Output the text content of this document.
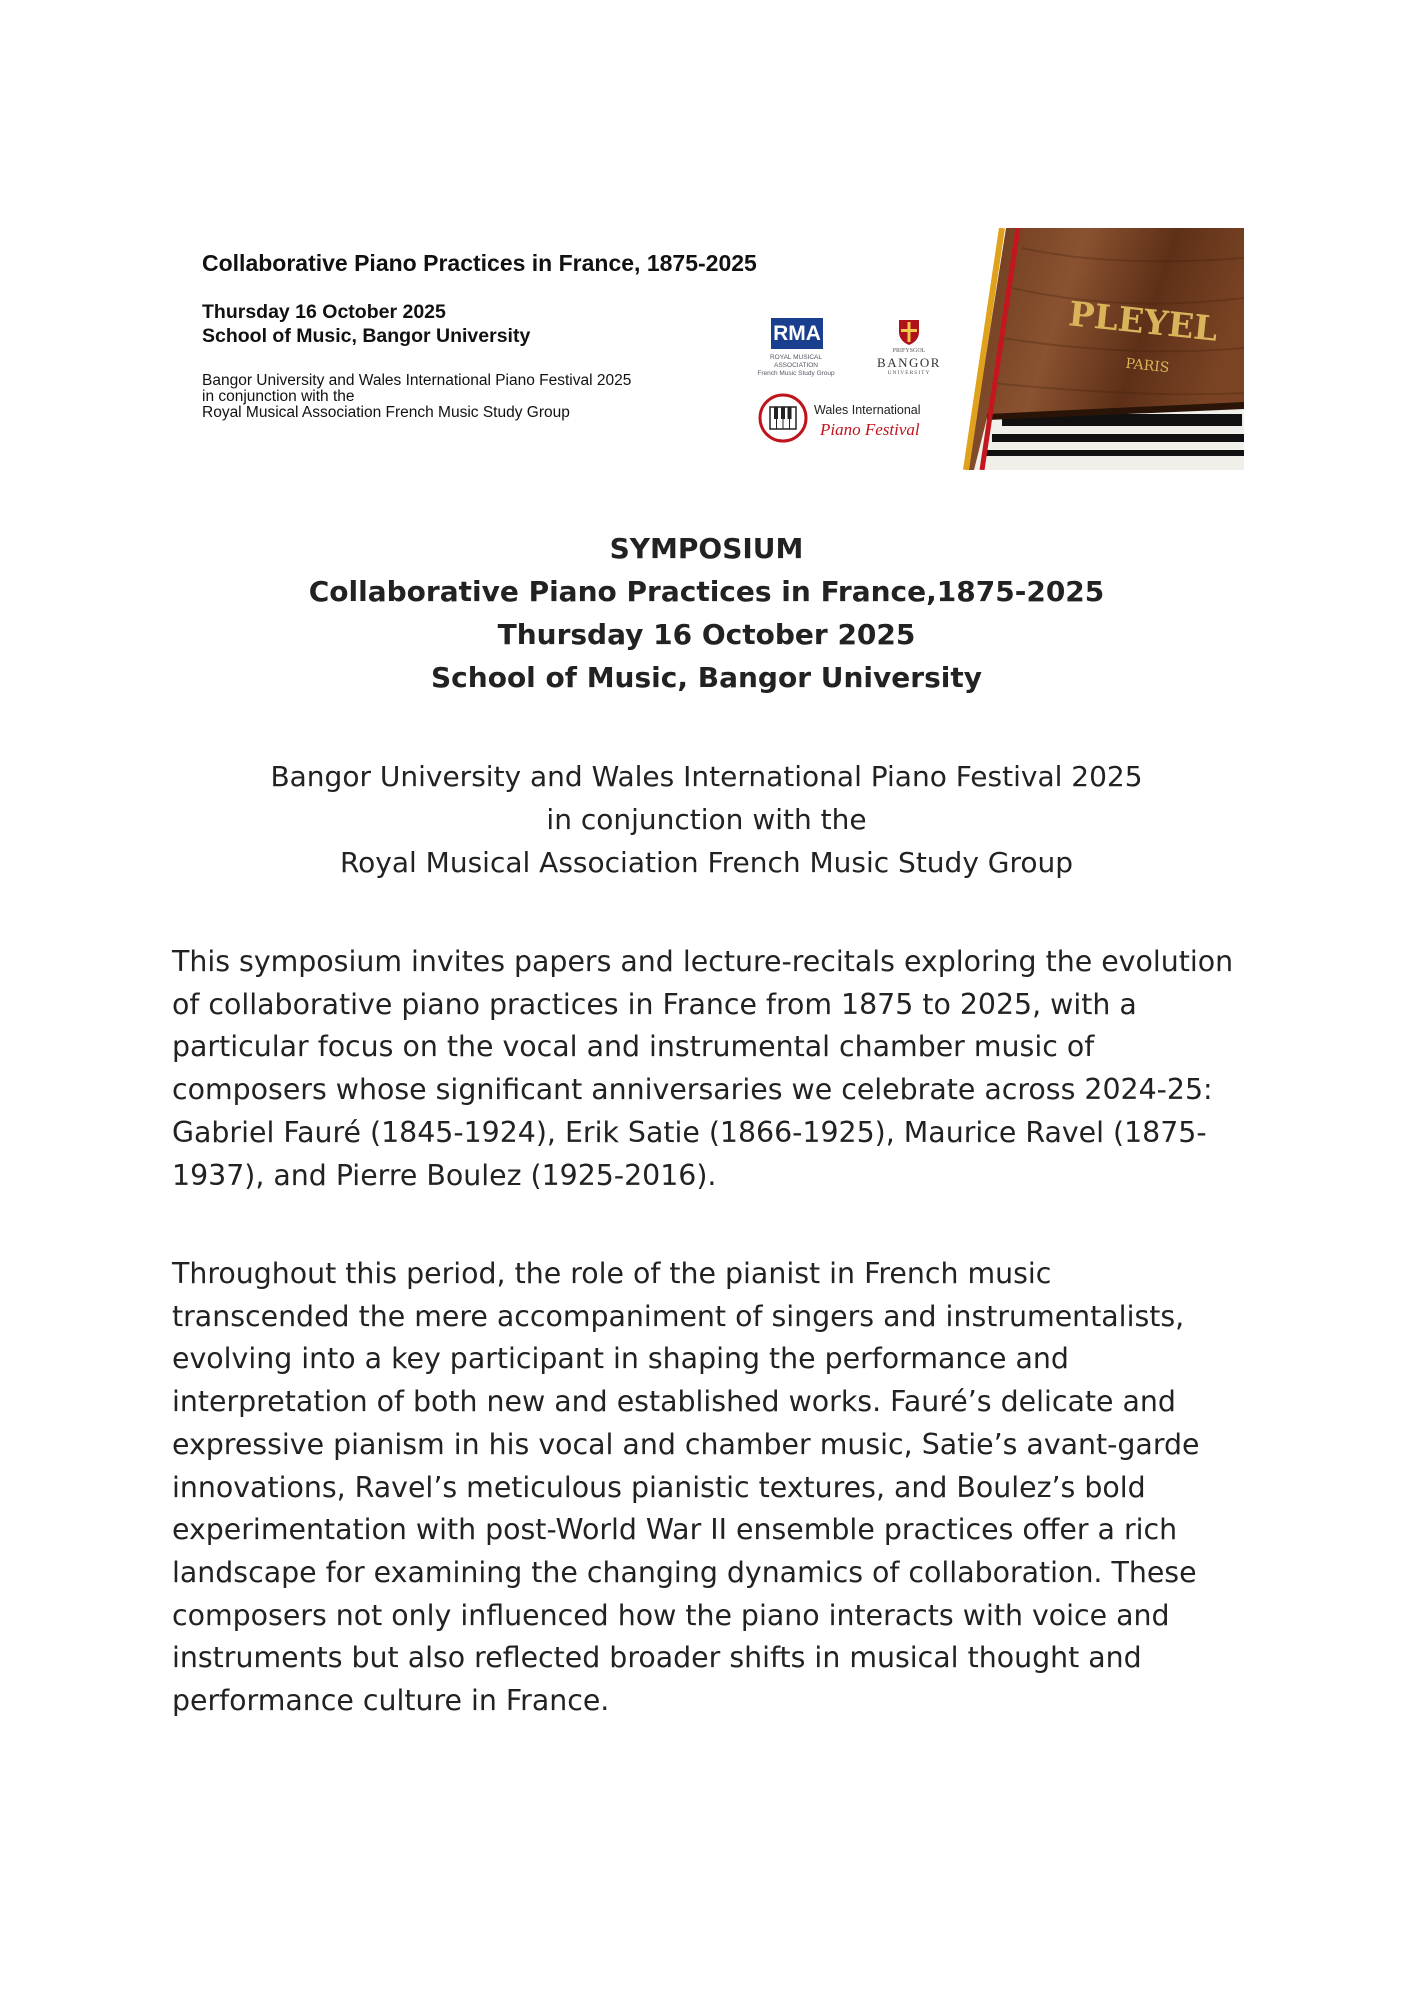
Collaborative Piano Practices in France, 1875-2025
Thursday 16 October 2025
School of Music, Bangor University
Bangor University and Wales International Piano Festival 2025
in conjunction with the
Royal Musical Association French Music Study Group
RMA
ROYAL MUSICAL ASSOCIATION
French Music Study Group
PRIFYSGOL
BANGOR
UNIVERSITY
Wales International
Piano Festival
PLEYEL
PARIS
SYMPOSIUM
Collaborative Piano Practices in France,1875-2025
Thursday 16 October 2025
School of Music, Bangor University
Bangor University and Wales International Piano Festival 2025
in conjunction with the
Royal Musical Association French Music Study Group
This symposium invites papers and lecture-recitals exploring the evolution
of collaborative piano practices in France from 1875 to 2025, with a
particular focus on the vocal and instrumental chamber music of
composers whose significant anniversaries we celebrate across 2024-25:
Gabriel Fauré (1845-1924), Erik Satie (1866-1925), Maurice Ravel (1875-
1937), and Pierre Boulez (1925-2016).
Throughout this period, the role of the pianist in French music
transcended the mere accompaniment of singers and instrumentalists,
evolving into a key participant in shaping the performance and
interpretation of both new and established works. Fauré’s delicate and
expressive pianism in his vocal and chamber music, Satie’s avant-garde
innovations, Ravel’s meticulous pianistic textures, and Boulez’s bold
experimentation with post-World War II ensemble practices offer a rich
landscape for examining the changing dynamics of collaboration. These
composers not only influenced how the piano interacts with voice and
instruments but also reflected broader shifts in musical thought and
performance culture in France.
